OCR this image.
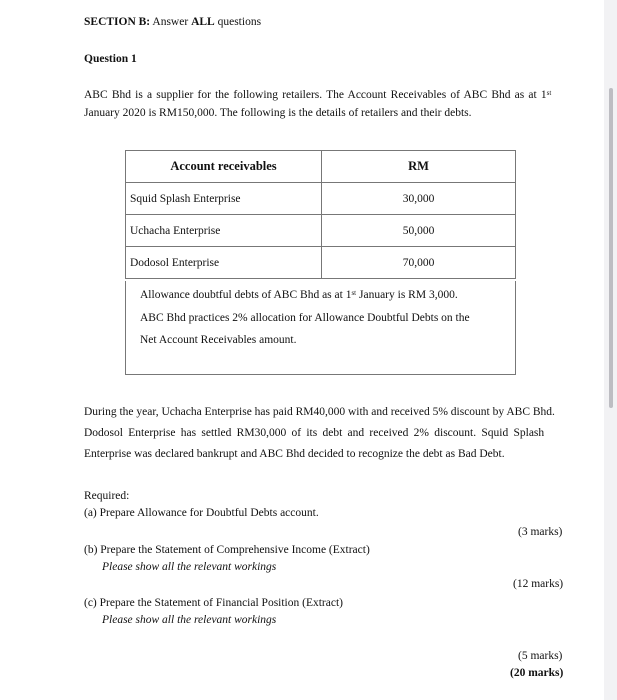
SECTION B: Answer ALL questions
Question 1
ABC Bhd is a supplier for the following retailers. The Account Receivables of ABC Bhd as at 1st
January 2020 is RM150,000. The following is the details of retailers and their debts.
Account receivables	RM
Squid Splash Enterprise	30,000
Uchacha Enterprise	50,000
Dodosol Enterprise	70,000
Allowance doubtful debts of ABC Bhd as at 1st January is RM 3,000.
ABC Bhd practices 2% allocation for Allowance Doubtful Debts on the
Net Account Receivables amount.
During the year, Uchacha Enterprise has paid RM40,000 with and received 5% discount by ABC Bhd.
Dodosol Enterprise has settled RM30,000 of its debt and received 2% discount. Squid Splash
Enterprise was declared bankrupt and ABC Bhd decided to recognize the debt as Bad Debt.
Required:
(a) Prepare Allowance for Doubtful Debts account.
(3 marks)
(b) Prepare the Statement of Comprehensive Income (Extract)
Please show all the relevant workings
(12 marks)
(c) Prepare the Statement of Financial Position (Extract)
Please show all the relevant workings
(5 marks)
(20 marks)
